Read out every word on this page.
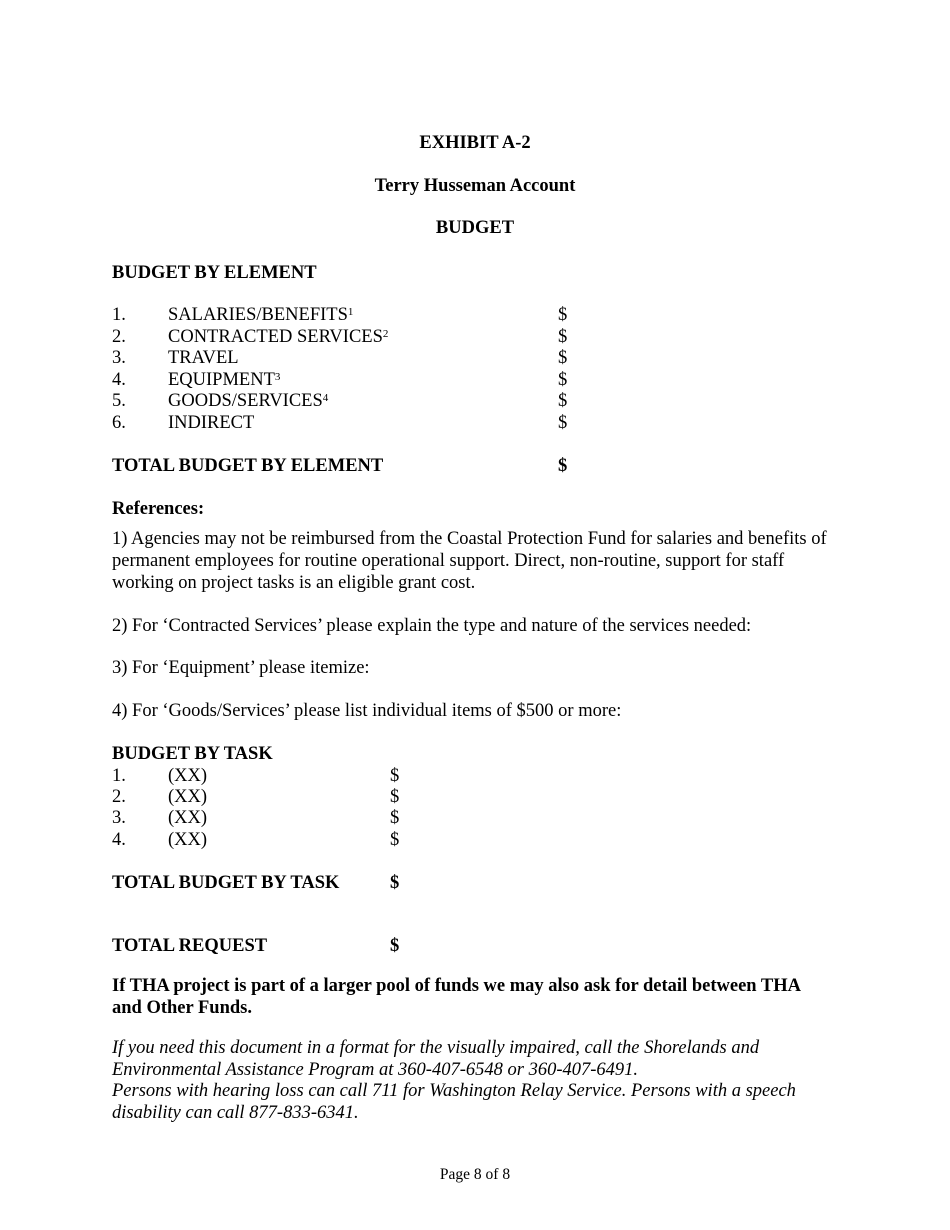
EXHIBIT A-2
Terry Husseman Account
BUDGET
BUDGET BY ELEMENT
1. SALARIES/BENEFITS$^1$	$
2. CONTRACTED SERVICES$^2$	$
3. TRAVEL	$
4. EQUIPMENT$^3$	$
5. GOODS/SERVICES$^4$	$
6. INDIRECT	$
TOTAL BUDGET BY ELEMENT	$
References:
1) Agencies may not be reimbursed from the Coastal Protection Fund for salaries and benefits of permanent employees for routine operational support. Direct, non-routine, support for staff working on project tasks is an eligible grant cost.
2) For ‘Contracted Services’ please explain the type and nature of the services needed:
3) For ‘Equipment’ please itemize:
4) For ‘Goods/Services’ please list individual items of $500 or more:
BUDGET BY TASK
1. (XX)	$
2. (XX)	$
3. (XX)	$
4. (XX)	$
TOTAL BUDGET BY TASK	$
TOTAL REQUEST	$
If THA project is part of a larger pool of funds we may also ask for detail between THA and Other Funds.
If you need this document in a format for the visually impaired, call the Shorelands and Environmental Assistance Program at 360-407-6548 or 360-407-6491.
Persons with hearing loss can call 711 for Washington Relay Service. Persons with a speech disability can call 877-833-6341.
Page 8 of 8
